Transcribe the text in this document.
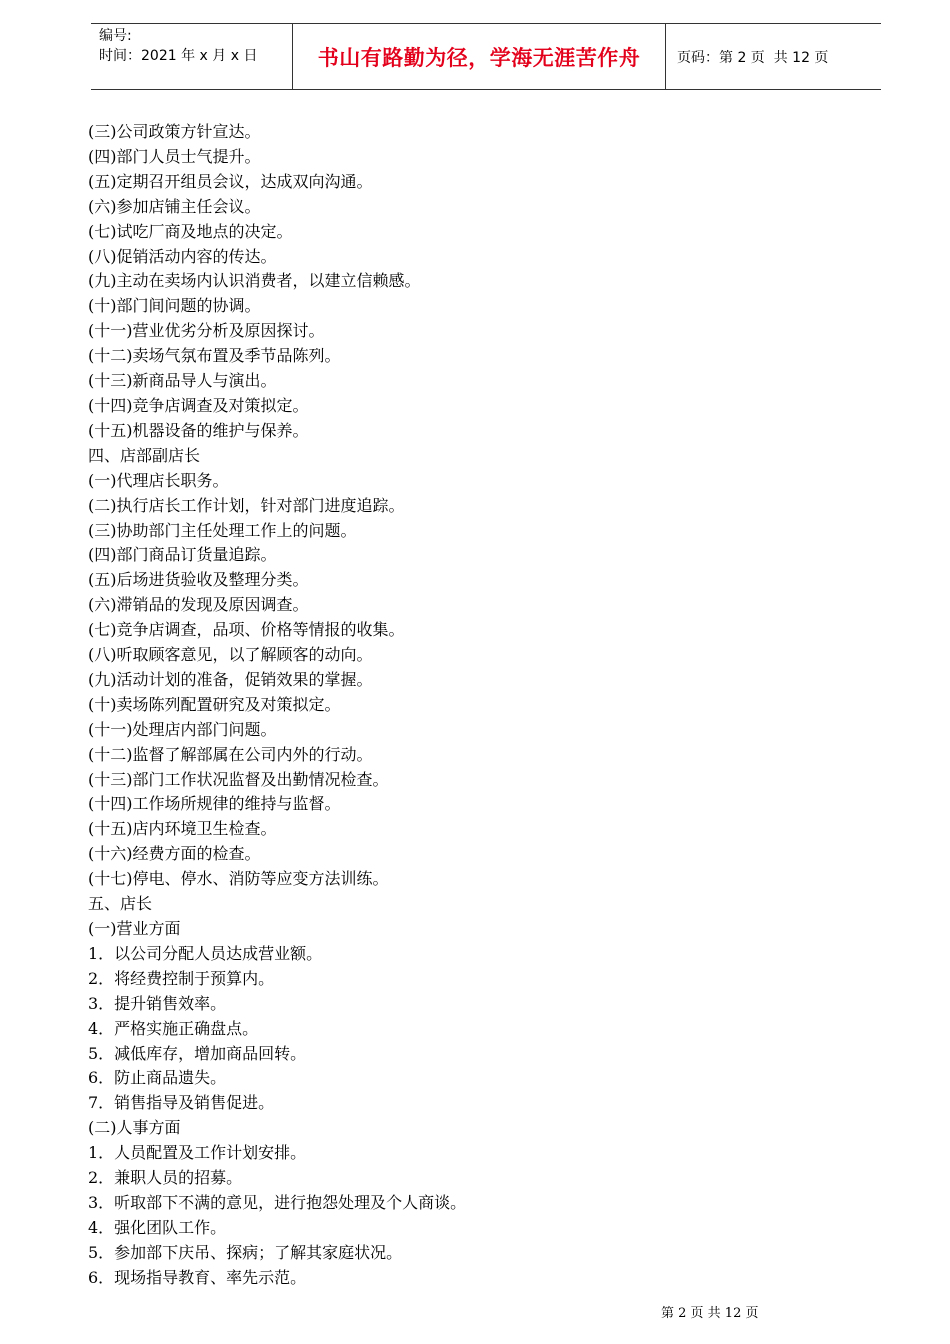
编号:
时间：2021 年 x 月 x 日	书山有路勤为径，学海无涯苦作舟	页码：第 2 页  共 12 页
(三)公司政策方针宣达。
(四)部门人员士气提升。
(五)定期召开组员会议，达成双向沟通。
(六)参加店铺主任会议。
(七)试吃厂商及地点的决定。
(八)促销活动内容的传达。
(九)主动在卖场内认识消费者，以建立信赖感。
(十)部门间问题的协调。
(十一)营业优劣分析及原因探讨。
(十二)卖场气氛布置及季节品陈列。
(十三)新商品导人与演出。
(十四)竞争店调查及对策拟定。
(十五)机器设备的维护与保养。
四、店部副店长
(一)代理店长职务。
(二)执行店长工作计划，针对部门进度追踪。
(三)协助部门主任处理工作上的问题。
(四)部门商品订货量追踪。
(五)后场进货验收及整理分类。
(六)滞销品的发现及原因调查。
(七)竞争店调查，品项、价格等情报的收集。
(八)听取顾客意见，以了解顾客的动向。
(九)活动计划的准备，促销效果的掌握。
(十)卖场陈列配置研究及对策拟定。
(十一)处理店内部门问题。
(十二)监督了解部属在公司内外的行动。
(十三)部门工作状况监督及出勤情况检查。
(十四)工作场所规律的维持与监督。
(十五)店内环境卫生检查。
(十六)经费方面的检查。
(十七)停电、停水、消防等应变方法训练。
五、店长
(一)营业方面
1．以公司分配人员达成营业额。
2．将经费控制于预算内。
3．提升销售效率。
4．严格实施正确盘点。
5．减低库存，增加商品回转。
6．防止商品遗失。
7．销售指导及销售促进。
(二)人事方面
1．人员配置及工作计划安排。
2．兼职人员的招募。
3．听取部下不满的意见，进行抱怨处理及个人商谈。
4．强化团队工作。
5．参加部下庆吊、探病；了解其家庭状况。
6．现场指导教育、率先示范。
第 2 页 共 12 页
